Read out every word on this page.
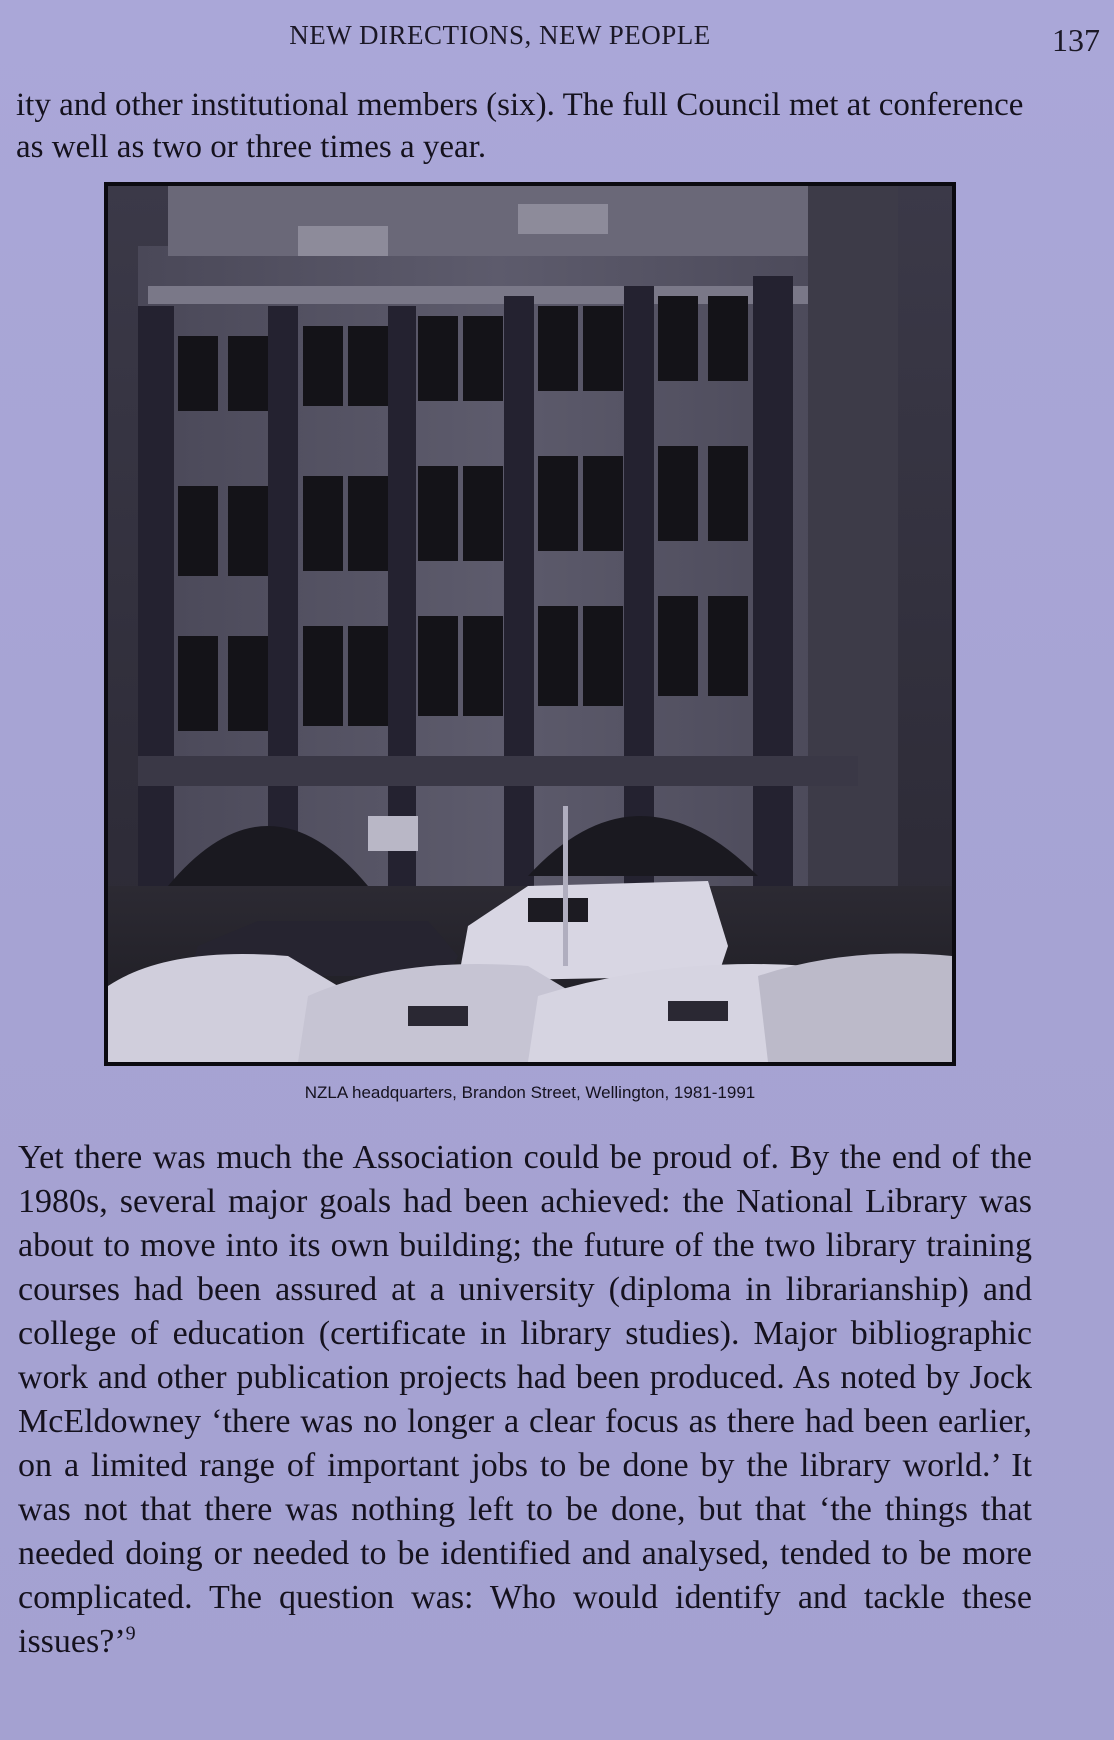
NEW DIRECTIONS, NEW PEOPLE	137

ity and other institutional members (six). The full Council met at conference as well as two or three times a year.

NZLA headquarters, Brandon Street, Wellington, 1981-1991

Yet there was much the Association could be proud of. By the end of the 1980s, several major goals had been achieved: the National Library was about to move into its own building; the future of the two library training courses had been assured at a university (diploma in librarianship) and college of education (certificate in library studies). Major bibliographic work and other publication projects had been produced. As noted by Jock McEldowney ‘there was no longer a clear focus as there had been earlier, on a limited range of important jobs to be done by the library world.’ It was not that there was nothing left to be done, but that ‘the things that needed doing or needed to be identified and analysed, tended to be more complicated. The question was: Who would identify and tackle these issues?’$^9$
